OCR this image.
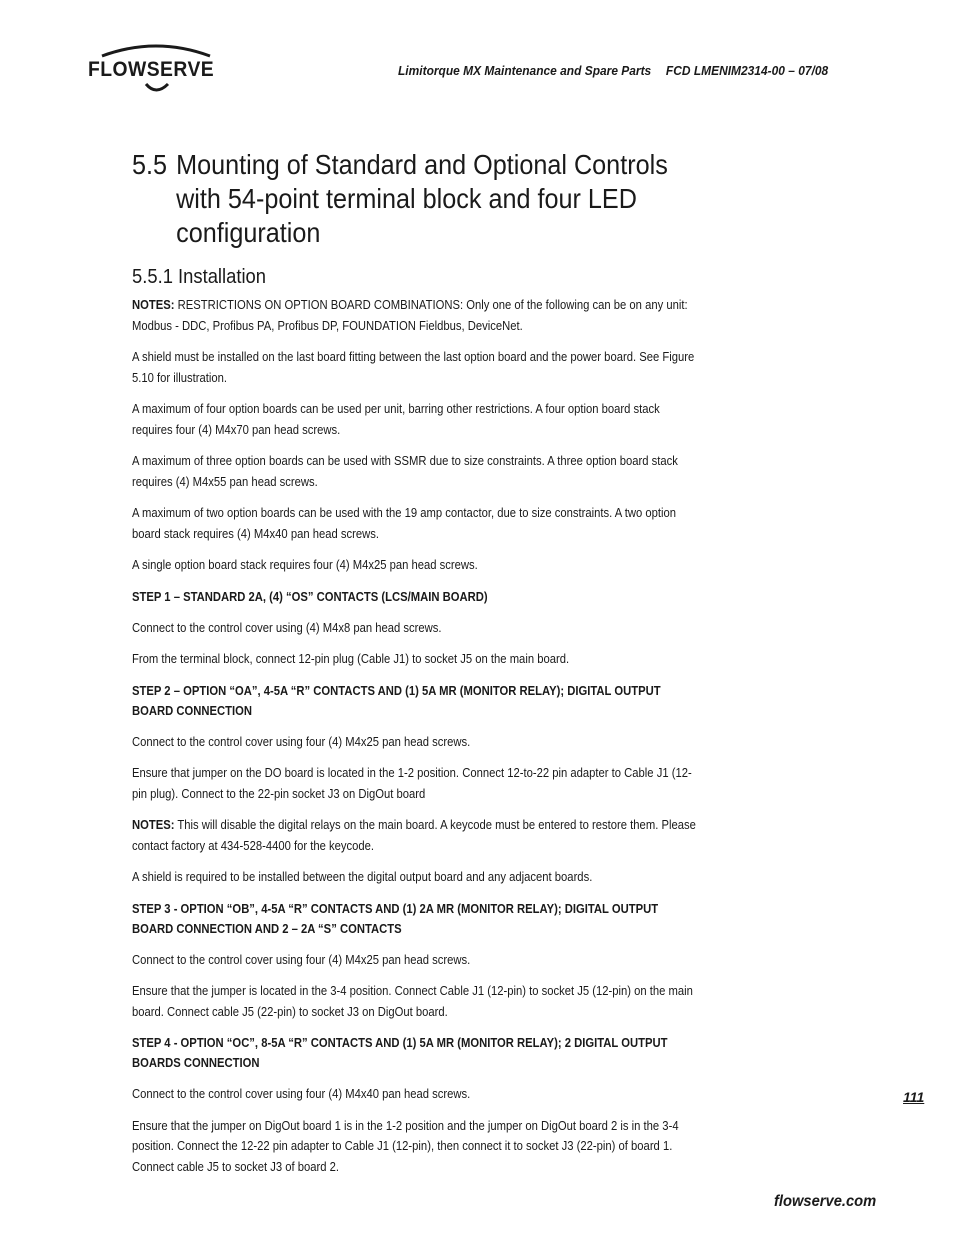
FLOWSERVE	Limitorque MX Maintenance and Spare Parts FCD LMENIM2314-00 – 07/08
5.5 Mounting of Standard and Optional Controls with 54-point terminal block and four LED configuration
5.5.1 Installation
NOTES: RESTRICTIONS ON OPTION BOARD COMBINATIONS: Only one of the following can be on any unit: Modbus - DDC, Profibus PA, Profibus DP, FOUNDATION Fieldbus, DeviceNet.
A shield must be installed on the last board fitting between the last option board and the power board. See Figure 5.10 for illustration.
A maximum of four option boards can be used per unit, barring other restrictions. A four option board stack requires four (4) M4x70 pan head screws.
A maximum of three option boards can be used with SSMR due to size constraints. A three option board stack requires (4) M4x55 pan head screws.
A maximum of two option boards can be used with the 19 amp contactor, due to size constraints. A two option board stack requires (4) M4x40 pan head screws.
A single option board stack requires four (4) M4x25 pan head screws.
STEP 1 – STANDARD 2A, (4) “OS” CONTACTS (LCS/MAIN BOARD)
Connect to the control cover using (4) M4x8 pan head screws.
From the terminal block, connect 12-pin plug (Cable J1) to socket J5 on the main board.
STEP 2 – OPTION “OA”, 4-5A “R” CONTACTS AND (1) 5A MR (MONITOR RELAY); DIGITAL OUTPUT BOARD CONNECTION
Connect to the control cover using four (4) M4x25 pan head screws.
Ensure that jumper on the DO board is located in the 1-2 position. Connect 12-to-22 pin adapter to Cable J1 (12-pin plug). Connect to the 22-pin socket J3 on DigOut board
NOTES: This will disable the digital relays on the main board. A keycode must be entered to restore them. Please contact factory at 434-528-4400 for the keycode.
A shield is required to be installed between the digital output board and any adjacent boards.
STEP 3 - OPTION “OB”, 4-5A “R” CONTACTS AND (1) 2A MR (MONITOR RELAY); DIGITAL OUTPUT BOARD CONNECTION AND 2 – 2A “S” CONTACTS
Connect to the control cover using four (4) M4x25 pan head screws.
Ensure that the jumper is located in the 3-4 position. Connect Cable J1 (12-pin) to socket J5 (12-pin) on the main board. Connect cable J5 (22-pin) to socket J3 on DigOut board.
STEP 4 - OPTION “OC”, 8-5A “R” CONTACTS AND (1) 5A MR (MONITOR RELAY); 2 DIGITAL OUTPUT BOARDS CONNECTION
Connect to the control cover using four (4) M4x40 pan head screws.
Ensure that the jumper on DigOut board 1 is in the 1-2 position and the jumper on DigOut board 2 is in the 3-4 position. Connect the 12-22 pin adapter to Cable J1 (12-pin), then connect it to socket J3 (22-pin) of board 1. Connect cable J5 to socket J3 of board 2.
111
flowserve.com
